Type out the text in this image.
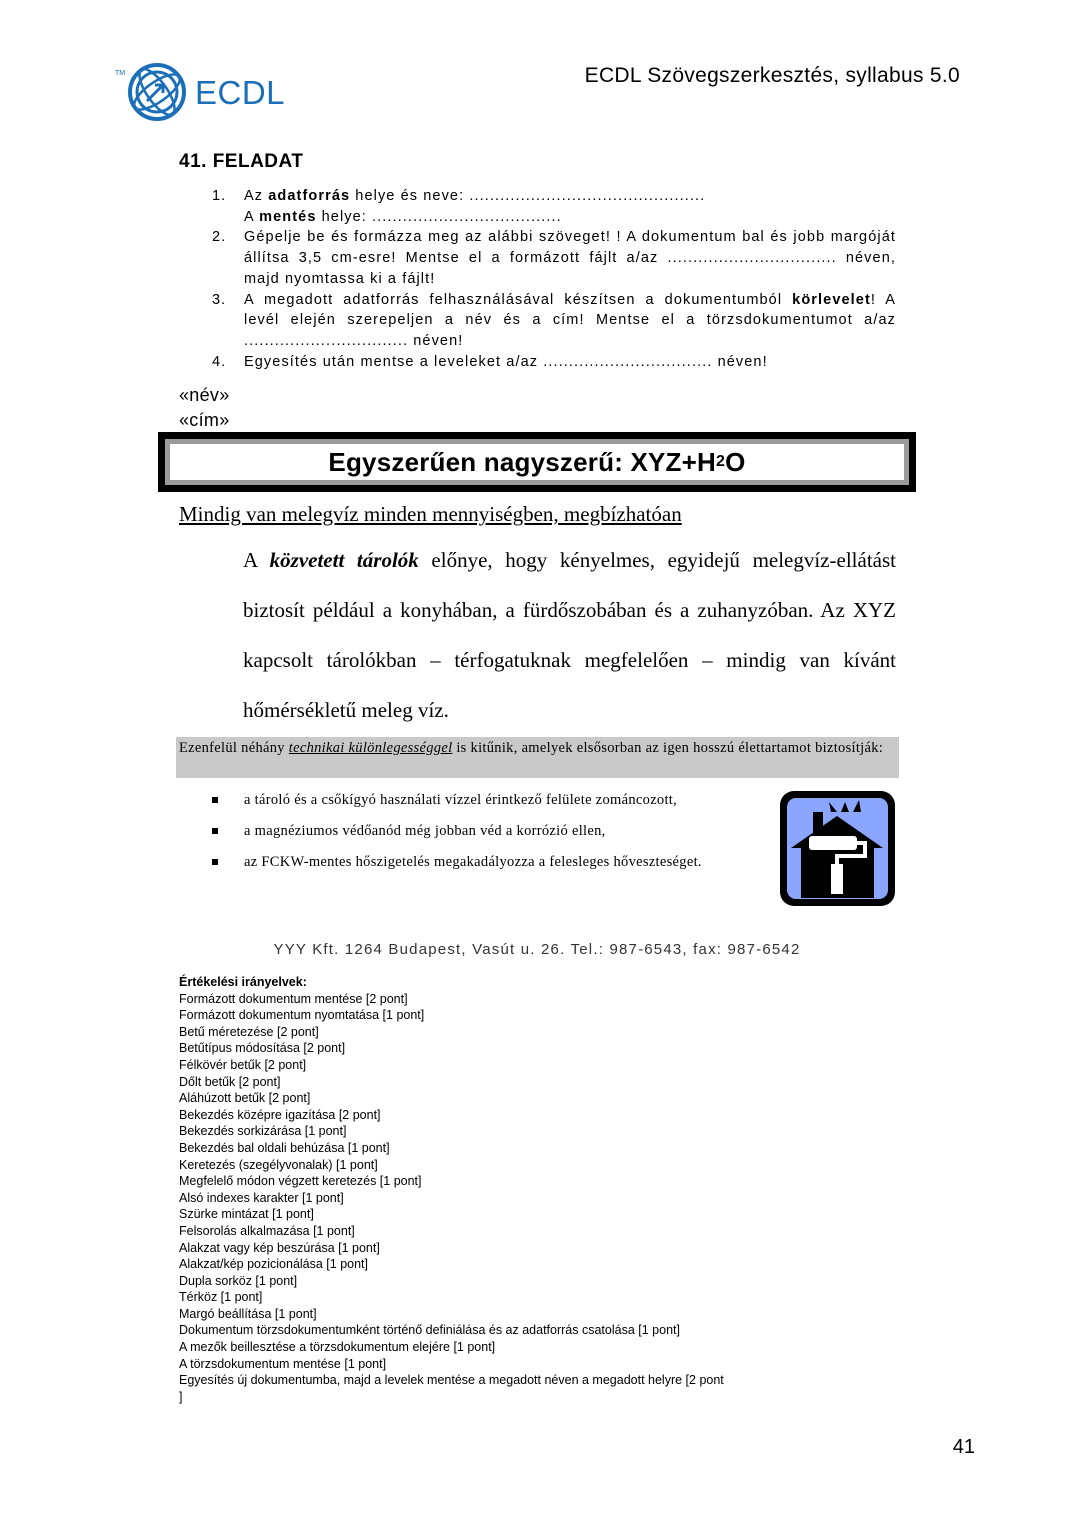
TM
ECDL	ECDL Szövegszerkesztés, syllabus 5.0
41. FELADAT
1. Az adatforrás helye és neve: ..............................................
A mentés helye: .....................................
2. Gépelje be és formázza meg az alábbi szöveget! ! A dokumentum bal és jobb margóját állítsa 3,5 cm-esre! Mentse el a formázott fájlt a/az ................................. néven, majd nyomtassa ki a fájlt!
3. A megadott adatforrás felhasználásával készítsen a dokumentumból körlevelet! A levél elején szerepeljen a név és a cím! Mentse el a törzsdokumentumot a/az ................................ néven!
4. Egyesítés után mentse a leveleket a/az ................................. néven!
«név»
«cím»
Egyszerűen nagyszerű: XYZ+H 2 O
Mindig van melegvíz minden mennyiségben, megbízhatóan
A közvetett tárolók előnye, hogy kényelmes, egyidejű melegvíz-ellátást biztosít például a konyhában, a fürdőszobában és a zuhanyzóban. Az XYZ kapcsolt tárolókban – térfogatuknak megfelelően – mindig van kívánt hőmérsékletű meleg víz.
Ezenfelül néhány technikai különlegességgel is kitűnik, amelyek elsősorban az igen hosszú élettartamot biztosítják:
a tároló és a csőkígyó használati vízzel érintkező felülete zománcozott,
a magnéziumos védőanód még jobban véd a korrózió ellen,
az FCKW-mentes hőszigetelés megakadályozza a felesleges hőveszteséget.
YYY Kft. 1264 Budapest, Vasút u. 26. Tel.: 987-6543, fax: 987-6542
Értékelési irányelvek:
Formázott dokumentum mentése [2 pont]
Formázott dokumentum nyomtatása [1 pont]
Betű méretezése [2 pont]
Betűtípus módosítása [2 pont]
Félkövér betűk [2 pont]
Dőlt betűk [2 pont]
Aláhúzott betűk [2 pont]
Bekezdés középre igazítása [2 pont]
Bekezdés sorkizárása [1 pont]
Bekezdés bal oldali behúzása [1 pont]
Keretezés (szegélyvonalak) [1 pont]
Megfelelő módon végzett keretezés [1 pont]
Alsó indexes karakter [1 pont]
Szürke mintázat [1 pont]
Felsorolás alkalmazása [1 pont]
Alakzat vagy kép beszúrása [1 pont]
Alakzat/kép pozicionálása [1 pont]
Dupla sorköz [1 pont]
Térköz [1 pont]
Margó beállítása [1 pont]
Dokumentum törzsdokumentumként történő definiálása és az adatforrás csatolása [1 pont]
A mezők beillesztése a törzsdokumentum elejére [1 pont]
A törzsdokumentum mentése [1 pont]
Egyesítés új dokumentumba, majd a levelek mentése a megadott néven a megadott helyre [2 pont
]
41
